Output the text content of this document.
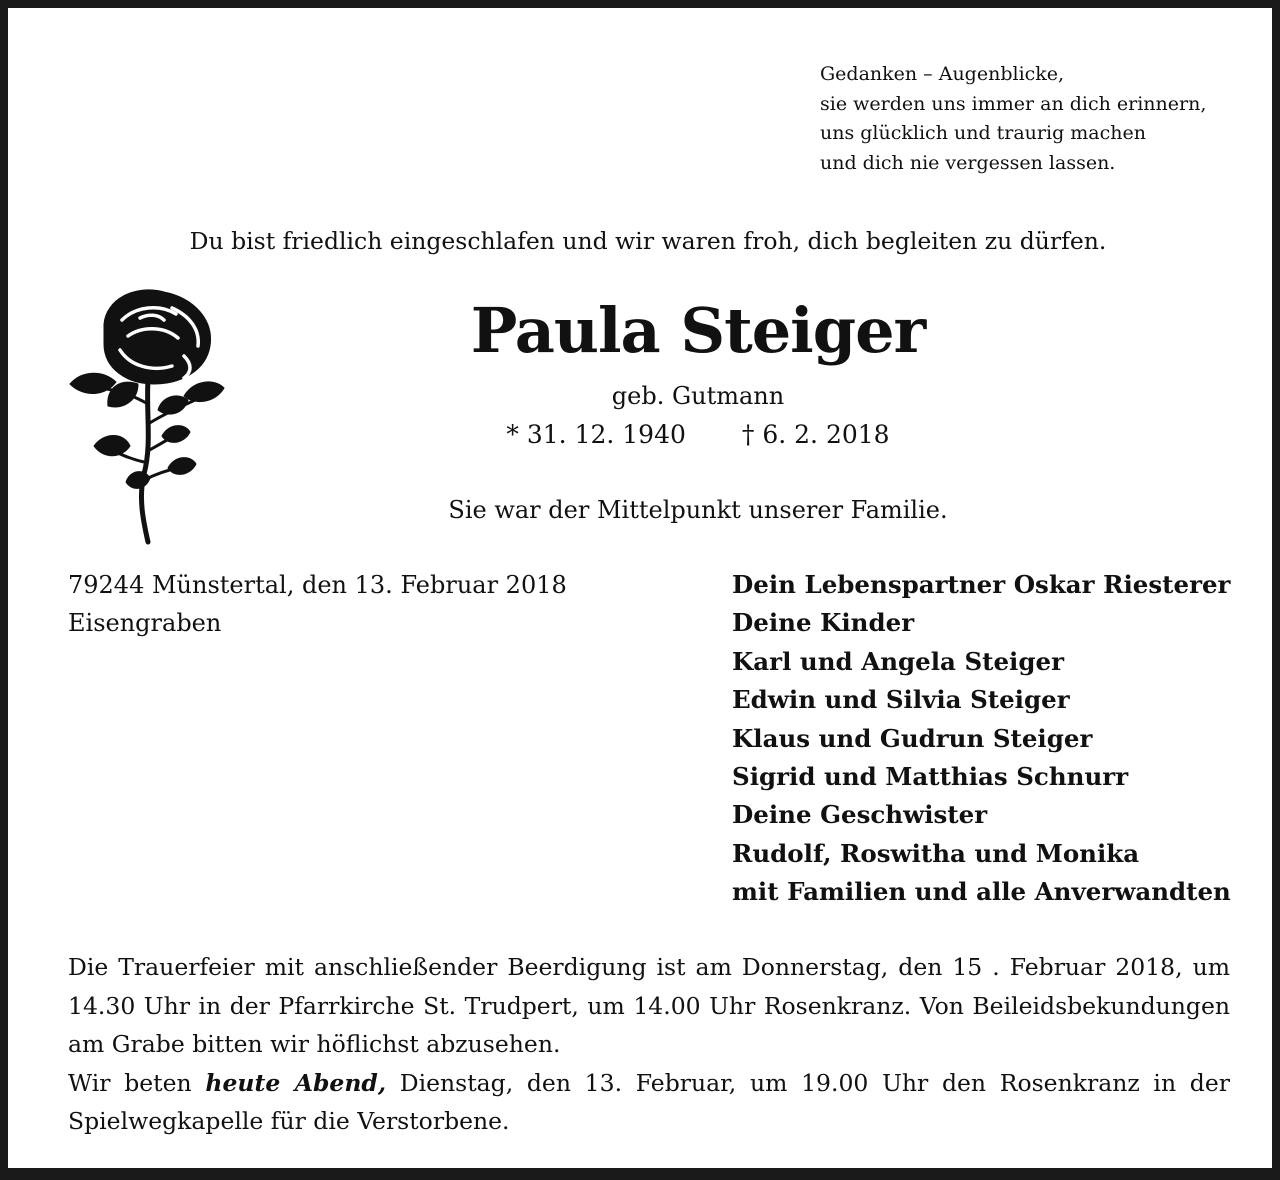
Gedanken – Augenblicke,
sie werden uns immer an dich erinnern,
uns glücklich und traurig machen
und dich nie vergessen lassen.
Du bist friedlich eingeschlafen und wir waren froh, dich begleiten zu dürfen.
Paula Steiger
geb. Gutmann
* 31. 12. 1940 † 6. 2. 2018
Sie war der Mittelpunkt unserer Familie.
79244 Münstertal, den 13. Februar 2018
Eisengraben
Dein Lebenspartner Oskar Riesterer
Deine Kinder
Karl und Angela Steiger
Edwin und Silvia Steiger
Klaus und Gudrun Steiger
Sigrid und Matthias Schnurr
Deine Geschwister
Rudolf, Roswitha und Monika
mit Familien und alle Anverwandten

Die Trauerfeier mit anschließender Beerdigung ist am Donnerstag, den 15 . Februar 2018, um 14.30 Uhr in der Pfarrkirche St. Trudpert, um 14.00 Uhr Rosenkranz. Von Beileidsbekundungen am Grabe bitten wir höflichst abzusehen.

Wir beten heute Abend, Dienstag, den 13. Februar, um 19.00 Uhr den Rosenkranz in der Spielwegkapelle für die Verstorbene.
